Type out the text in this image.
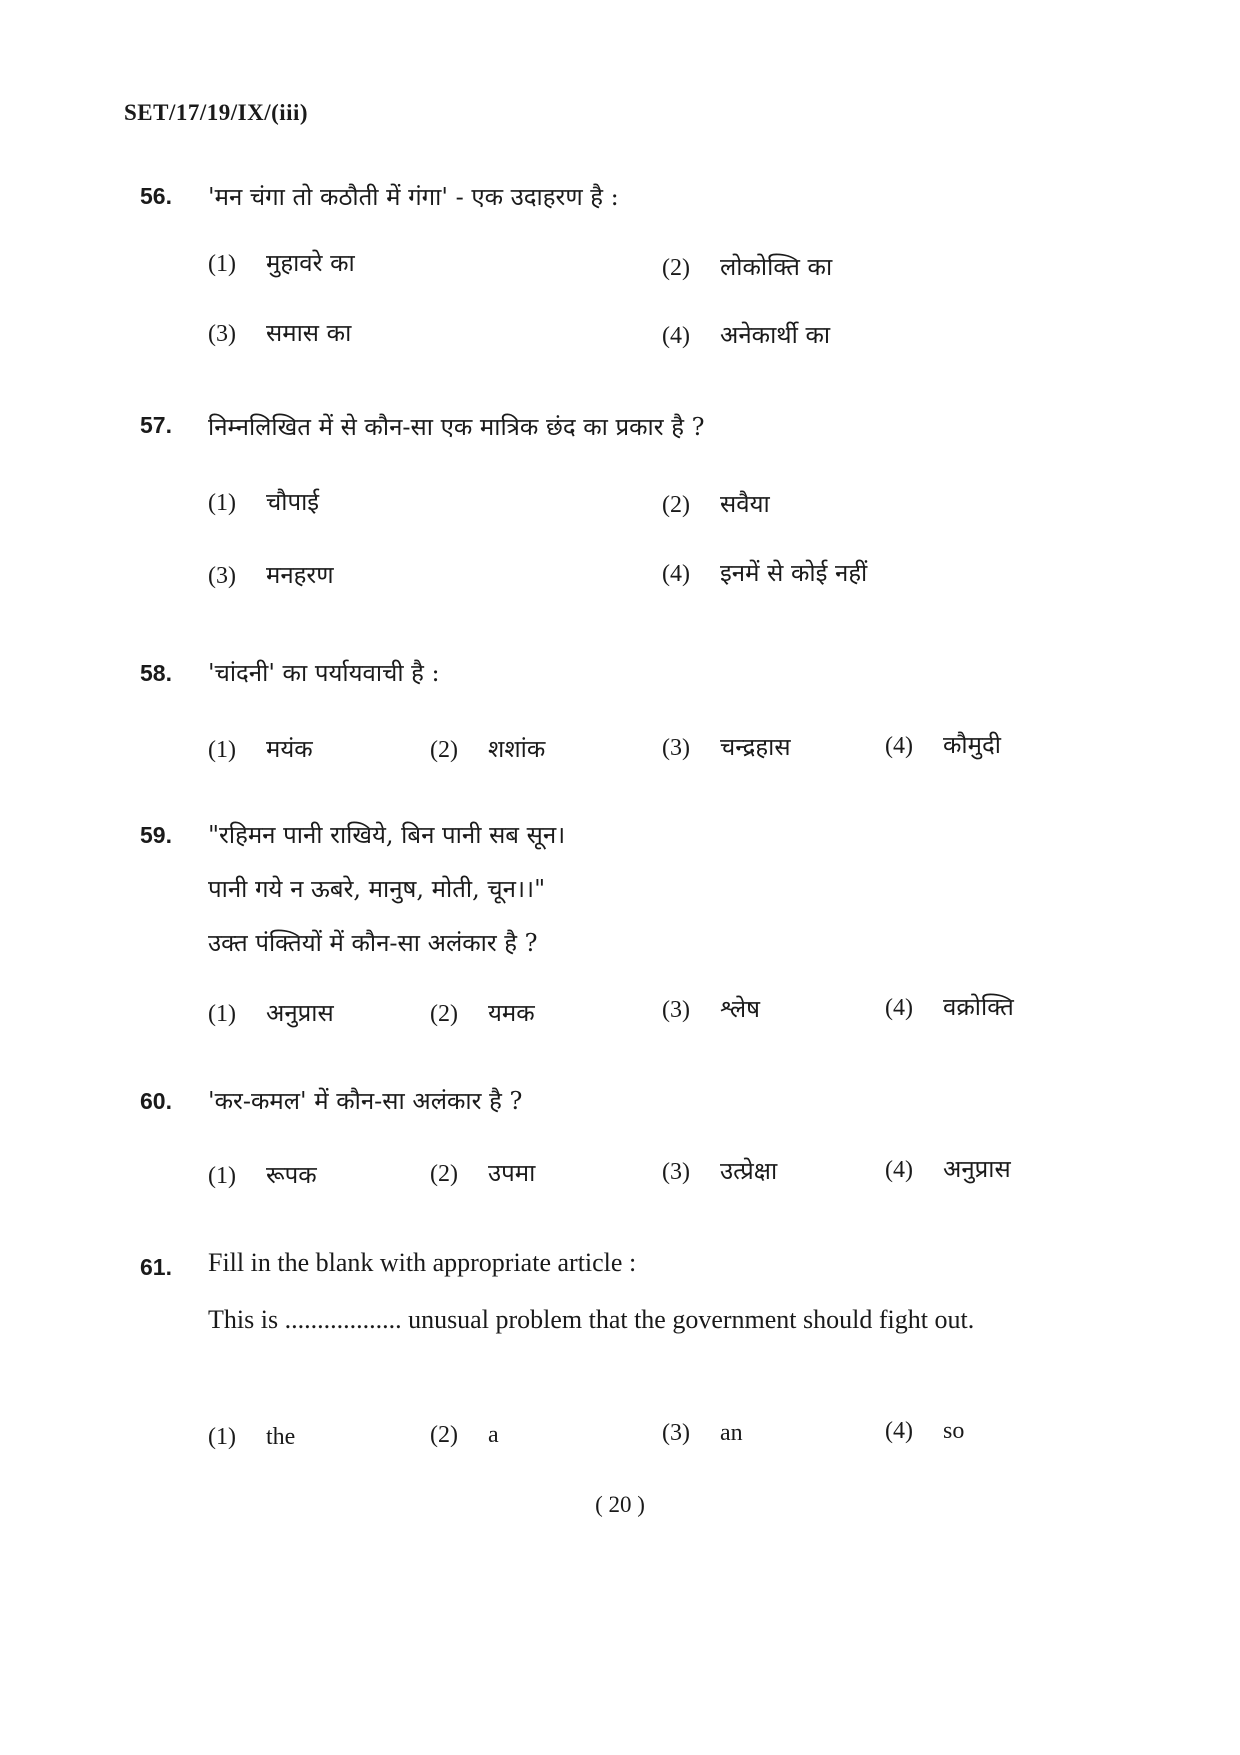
SET/17/19/IX/(iii)
56. 'मन चंगा तो कठौती में गंगा' - एक उदाहरण है :
(1) मुहावरे का	(2) लोकोक्ति का
(3) समास का	(4) अनेकार्थी का
57. निम्नलिखित में से कौन-सा एक मात्रिक छंद का प्रकार है ?
(1) चौपाई	(2) सवैया
(3) मनहरण	(4) इनमें से कोई नहीं
58. 'चांदनी' का पर्यायवाची है :
(1) मयंक	(2) शशांक	(3) चन्द्रहास	(4) कौमुदी
59. "रहिमन पानी राखिये, बिन पानी सब सून।
पानी गये न ऊबरे, मानुष, मोती, चून।।"
उक्त पंक्तियों में कौन-सा अलंकार है ?
(1) अनुप्रास	(2) यमक	(3) श्लेष	(4) वक्रोक्ति
60. 'कर-कमल' में कौन-सा अलंकार है ?
(1) रूपक	(2) उपमा	(3) उत्प्रेक्षा	(4) अनुप्रास
61. Fill in the blank with appropriate article :
This is .................. unusual problem that the government should fight out.
(1) the	(2) a	(3) an	(4) so
( 20 )
